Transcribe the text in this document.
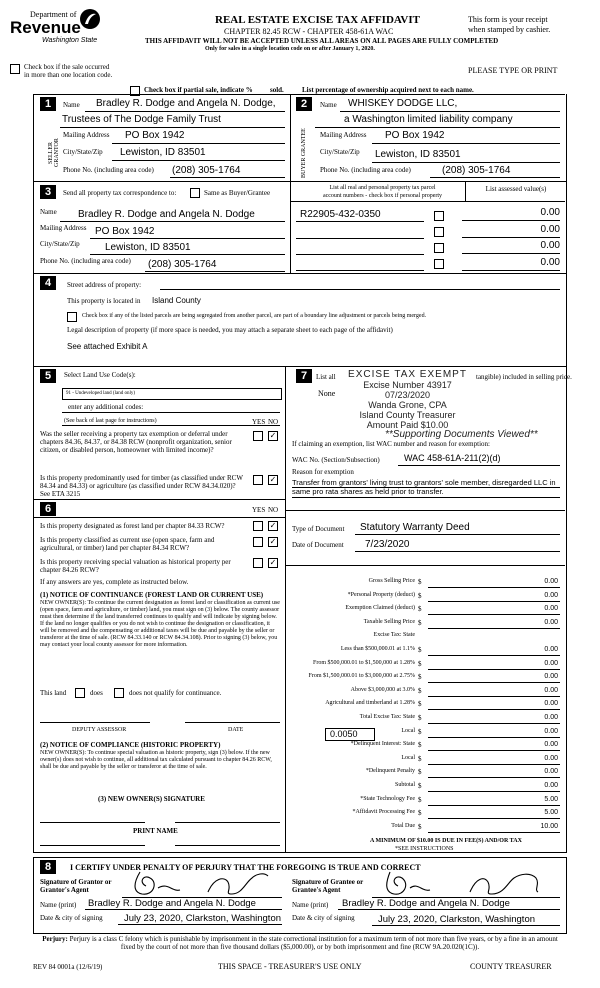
Department of
Revenue
Washington State
REAL ESTATE EXCISE TAX AFFIDAVIT
CHAPTER 82.45 RCW - CHAPTER 458-61A WAC
THIS AFFIDAVIT WILL NOT BE ACCEPTED UNLESS ALL AREAS ON ALL PAGES ARE FULLY COMPLETED
Only for sales in a single location code on or after January 1, 2020.
This form is your receipt
when stamped by cashier.
PLEASE TYPE OR PRINT
Check box if the sale occurred
in more than one location code.
Check box if partial sale, indicate % sold.	List percentage of ownership acquired next to each name.
1	Name Bradley R. Dodge and Angela N. Dodge,
Trustees of The Dodge Family Trust
SELLER GRANTOR
Mailing Address PO Box 1942
City/State/Zip Lewiston, ID 83501
Phone No. (including area code) (208) 305-1764
2	Name WHISKEY DODGE LLC,
a Washington limited liability company
BUYER GRANTEE	Mailing Address PO Box 1942
City/State/Zip Lewiston, ID 83501
Phone No. (including area code)	(208) 305-1764
3	Send all property tax correspondence to:	Same as Buyer/Grantee
List all real and personal property tax parcel
account numbers - check box if personal property
List assessed value(s)
Name Bradley R. Dodge and Angela N. Dodge
Mailing Address PO Box 1942
City/State/Zip	Lewiston, ID 83501
Phone No. (including area code) (208) 305-1764
R22905-432-0350	0.00
0.00
0.00
0.00
4	Street address of property:
This property is located in Island County
Check box if any of the listed parcels are being segregated from another parcel, are part of a boundary line adjustment or parcels being merged.
Legal description of property (if more space is needed, you may attach a separate sheet to each page of the affidavit)
See attached Exhibit A
5	Select Land Use Code(s):
91 - Undeveloped land (land only)
enter any additional codes:
(See back of last page for instructions)	YES NO
Was the seller receiving a property tax exemption or deferral under chapters 84.36, 84.37, or 84.38 RCW (nonprofit organization, senior citizen, or disabled person, homeowner with limited income)?
✓
Is this property predominantly used for timber (as classified under RCW 84.34 and 84.33) or agriculture (as classified under RCW 84.34.020)? See ETA 3215
✓
6	YES NO
Is this property designated as forest land per chapter 84.33 RCW?	✓
Is this property classified as current use (open space, farm and agricultural, or timber) land per chapter 84.34 RCW?
✓
Is this property receiving special valuation as historical property per chapter 84.26 RCW?
✓
If any answers are yes, complete as instructed below.
(1) NOTICE OF CONTINUANCE (FOREST LAND OR CURRENT USE)
NEW OWNER(S): To continue the current designation as forest land or classification as current use (open space, farm and agriculture, or timber) land, you must sign on (3) below. The county assessor must then determine if the land transferred continues to qualify and will indicate by signing below. If the land no longer qualifies or you do not wish to continue the designation or classification, it will be removed and the compensating or additional taxes will be due and payable by the seller or transferor at the time of sale. (RCW 84.33.140 or RCW 84.34.108). Prior to signing (3) below, you may contact your local county assessor for more information.
This land	does	does not qualify for continuance.
DEPUTY ASSESSOR	DATE
(2) NOTICE OF COMPLIANCE (HISTORIC PROPERTY)
NEW OWNER(S): To continue special valuation as historic property, sign (3) below. If the new owner(s) does not wish to continue, all additional tax calculated pursuant to chapter 84.26 RCW, shall be due and payable by the seller or transferor at the time of sale.
(3) NEW OWNER(S) SIGNATURE
PRINT NAME
7	List all	tangible) included in selling price.
None
EXCISE TAX EXEMPT
Excise Number 43917
07/23/2020
Wanda Grone, CPA
Island County Treasurer
Amount Paid $10.00
**Supporting Documents Viewed**
If claiming an exemption, list WAC number and reason for exemption:
WAC No. (Section/Subsection)	WAC 458-61A-211(2)(d)
Reason for exemption
Transfer from grantors' living trust to grantors' sole member, disregarded LLC in same pro rata shares as held prior to transfer.
Type of Document Statutory Warranty Deed
Date of Document 7/23/2020
Gross Selling Price $	0.00
*Personal Property (deduct) $	0.00
Exemption Claimed (deduct) $	0.00
Taxable Selling Price $	0.00
Excise Tax: State
Less than $500,000.01 at 1.1% $	0.00
From $500,000.01 to $1,500,000 at 1.28% $	0.00
From $1,500,000.01 to $3,000,000 at 2.75% $	0.00
Above $3,000,000 at 3.0% $	0.00
Agricultural and timberland at 1.28% $	0.00
Total Excise Tax: State $	0.00
Local $	0.00
*Delinquent Interest: State $	0.00
Local $	0.00
*Delinquent Penalty $	0.00
Subtotal $	0.00
*State Technology Fee $	5.00
*Affidavit Processing Fee $	5.00
Total Due $	10.00
0.0050
A MINIMUM OF $10.00 IS DUE IN FEE(S) AND/OR TAX
*SEE INSTRUCTIONS
8	I CERTIFY UNDER PENALTY OF PERJURY THAT THE FOREGOING IS TRUE AND CORRECT
Signature of Grantor or Grantor's Agent
Name (print) Bradley R. Dodge and Angela N. Dodge
Date & city of signing July 23, 2020, Clarkston, Washington
Signature of Grantee or Grantee's Agent
Name (print) Bradley R. Dodge and Angela N. Dodge
Date & city of signing July 23, 2020, Clarkston, Washington
Perjury: Perjury is a class C felony which is punishable by imprisonment in the state correctional institution for a maximum term of not more than five years, or by a fine in an amount fixed by the court of not more than five thousand dollars ($5,000.00), or by both imprisonment and fine (RCW 9A.20.020(1C)).
REV 84 0001a (12/6/19)	THIS SPACE - TREASURER'S USE ONLY	COUNTY TREASURER
